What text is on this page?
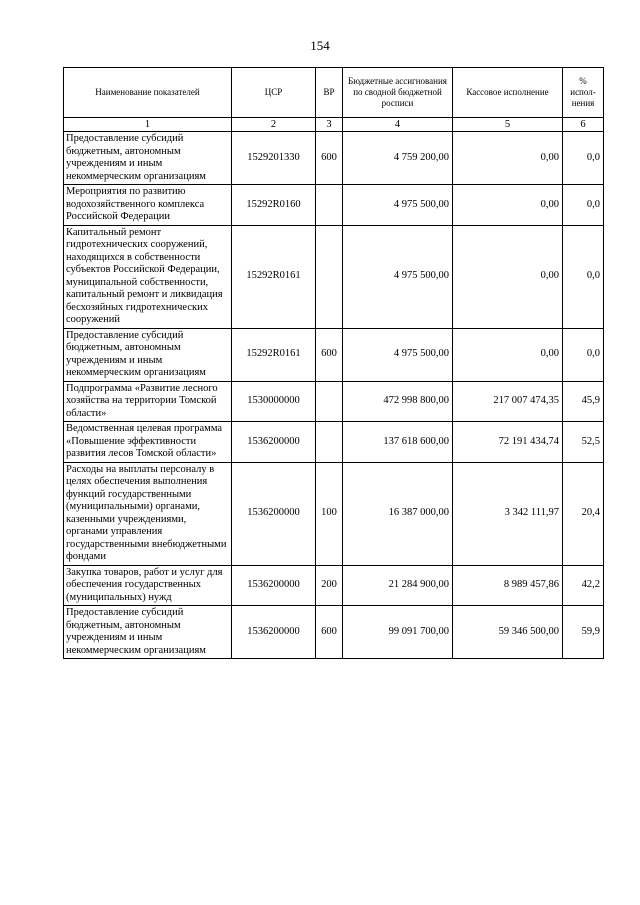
154
Наименование показателей	ЦСР	ВР	Бюджетные ассигнования по сводной бюджетной росписи	Кассовое исполнение	% испол-нения
1	2	3	4	5	6
Предоставление субсидий бюджетным, автономным учреждениям и иным некоммерческим организациям	1529201330	600	4 759 200,00	0,00	0,0
Мероприятия по развитию водохозяйственного комплекса Российской Федерации	15292R0160		4 975 500,00	0,00	0,0
Капитальный ремонт гидротехнических сооружений, находящихся в собственности субъектов Российской Федерации, муниципальной собственности, капитальный ремонт и ликвидация бесхозяйных гидротехнических сооружений	15292R0161		4 975 500,00	0,00	0,0
Предоставление субсидий бюджетным, автономным учреждениям и иным некоммерческим организациям	15292R0161	600	4 975 500,00	0,00	0,0
Подпрограмма «Развитие лесного хозяйства на территории Томской области»	1530000000		472 998 800,00	217 007 474,35	45,9
Ведомственная целевая программа «Повышение эффективности развития лесов Томской области»	1536200000		137 618 600,00	72 191 434,74	52,5
Расходы на выплаты персоналу в целях обеспечения выполнения функций государственными (муниципальными) органами, казенными учреждениями, органами управления государственными внебюджетными фондами	1536200000	100	16 387 000,00	3 342 111,97	20,4
Закупка товаров, работ и услуг для обеспечения государственных (муниципальных) нужд	1536200000	200	21 284 900,00	8 989 457,86	42,2
Предоставление субсидий бюджетным, автономным учреждениям и иным некоммерческим организациям	1536200000	600	99 091 700,00	59 346 500,00	59,9
